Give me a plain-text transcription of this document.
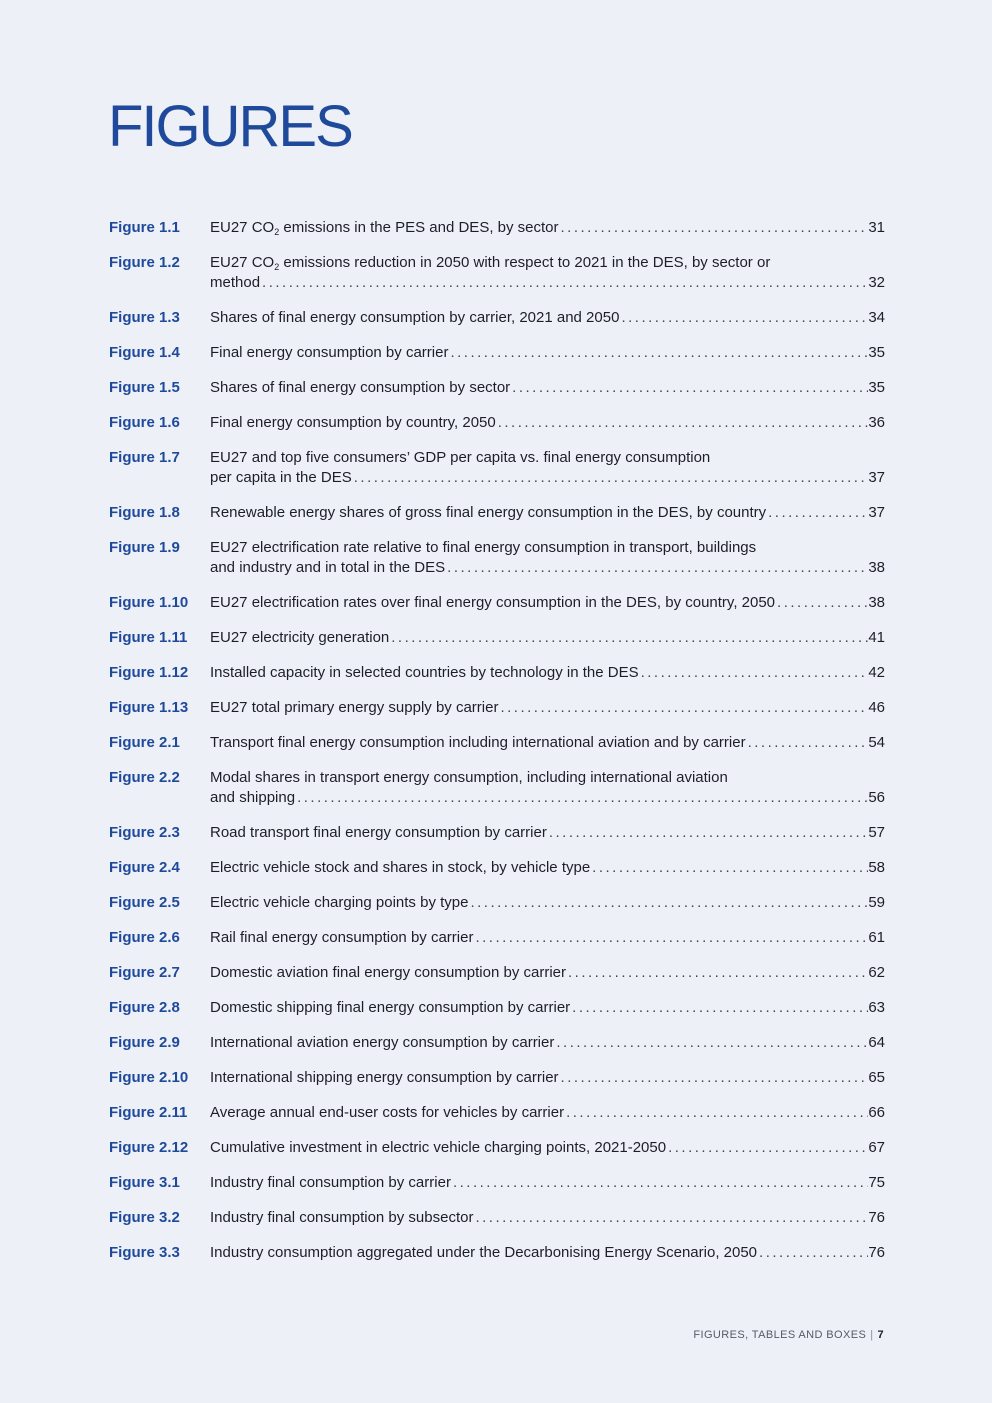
FIGURES
Figure 1.1	EU27 $CO_2$ emissions in the PES and DES, by sector .....	31
Figure 1.2	EU27 $CO_2$ emissions reduction in 2050 with respect to 2021 in the DES, by sector or
method .....	32
Figure 1.3	Shares of final energy consumption by carrier, 2021 and 2050 .....	34
Figure 1.4	Final energy consumption by carrier .....	35
Figure 1.5	Shares of final energy consumption by sector .....	35
Figure 1.6	Final energy consumption by country, 2050 .....	36
Figure 1.7	EU27 and top five consumers’ GDP per capita vs. final energy consumption
per capita in the DES .....	37
Figure 1.8	Renewable energy shares of gross final energy consumption in the DES, by country .....	37
Figure 1.9	EU27 electrification rate relative to final energy consumption in transport, buildings
and industry and in total in the DES .....	38
Figure 1.10	EU27 electrification rates over final energy consumption in the DES, by country, 2050 .....	38
Figure 1.11	EU27 electricity generation .....	41
Figure 1.12	Installed capacity in selected countries by technology in the DES .....	42
Figure 1.13	EU27 total primary energy supply by carrier .....	46
Figure 2.1	Transport final energy consumption including international aviation and by carrier .....	54
Figure 2.2	Modal shares in transport energy consumption, including international aviation
and shipping .....	56
Figure 2.3	Road transport final energy consumption by carrier .....	57
Figure 2.4	Electric vehicle stock and shares in stock, by vehicle type .....	58
Figure 2.5	Electric vehicle charging points by type .....	59
Figure 2.6	Rail final energy consumption by carrier .....	61
Figure 2.7	Domestic aviation final energy consumption by carrier .....	62
Figure 2.8	Domestic shipping final energy consumption by carrier .....	63
Figure 2.9	International aviation energy consumption by carrier .....	64
Figure 2.10	International shipping energy consumption by carrier .....	65
Figure 2.11	Average annual end-user costs for vehicles by carrier .....	66
Figure 2.12	Cumulative investment in electric vehicle charging points, 2021-2050 .....	67
Figure 3.1	Industry final consumption by carrier .....	75
Figure 3.2	Industry final consumption by subsector .....	76
Figure 3.3	Industry consumption aggregated under the Decarbonising Energy Scenario, 2050 .....	76
FIGURES, TABLES AND BOXES | 7
